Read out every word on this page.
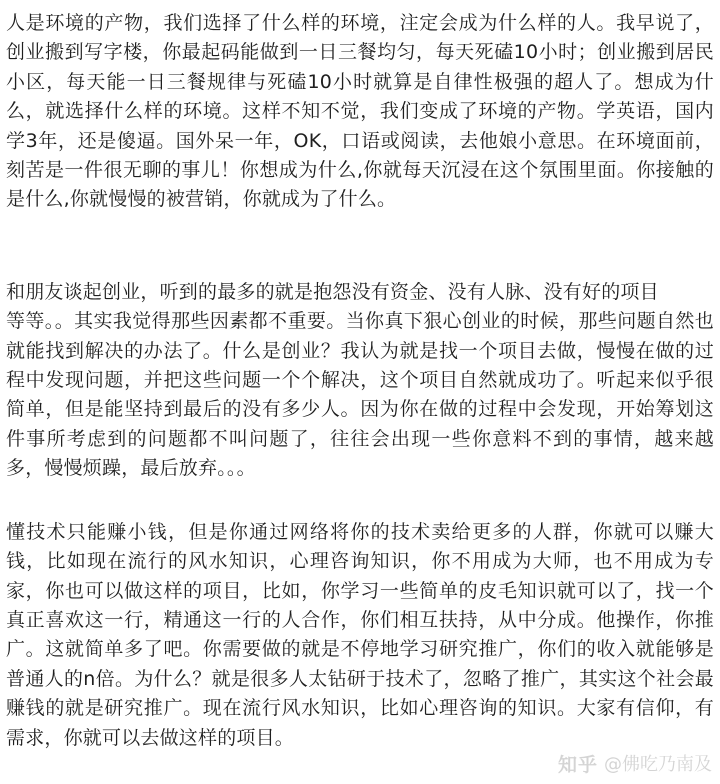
人是环境的产物，我们选择了什么样的环境，注定会成为什么样的人。我早说了，创业搬到写字楼，你最起码能做到一日三餐均匀，每天死磕10小时；创业搬到居民小区，每天能一日三餐规律与死磕10小时就算是自律性极强的超人了。想成为什么，就选择什么样的环境。这样不知不觉，我们变成了环境的产物。学英语，国内学3年，还是傻逼。国外呆一年，OK，口语或阅读，去他娘小意思。在环境面前，刻苦是一件很无聊的事儿！你想成为什么,你就每天沉浸在这个氛围里面。你接触的是什么,你就慢慢的被营销，你就成为了什么。

和朋友谈起创业，听到的最多的就是抱怨没有资金、没有人脉、没有好的项目
等等。。其实我觉得那些因素都不重要。当你真下狠心创业的时候，那些问题自然也就能找到解决的办法了。什么是创业？我认为就是找一个项目去做，慢慢在做的过程中发现问题，并把这些问题一个个解决，这个项目自然就成功了。听起来似乎很简单，但是能坚持到最后的没有多少人。因为你在做的过程中会发现，开始筹划这件事所考虑到的问题都不叫问题了，往往会出现一些你意料不到的事情，越来越多，慢慢烦躁，最后放弃。。。

懂技术只能赚小钱，但是你通过网络将你的技术卖给更多的人群，你就可以赚大钱，比如现在流行的风水知识，心理咨询知识，你不用成为大师，也不用成为专家，你也可以做这样的项目，比如，你学习一些简单的皮毛知识就可以了，找一个真正喜欢这一行，精通这一行的人合作，你们相互扶持，从中分成。他操作，你推广。这就简单多了吧。你需要做的就是不停地学习研究推广，你们的收入就能够是普通人的n倍。为什么？就是很多人太钻研于技术了，忽略了推广，其实这个社会最赚钱的就是研究推广。现在流行风水知识，比如心理咨询的知识。大家有信仰，有需求，你就可以去做这样的项目。

知乎 @佛吃乃南及
